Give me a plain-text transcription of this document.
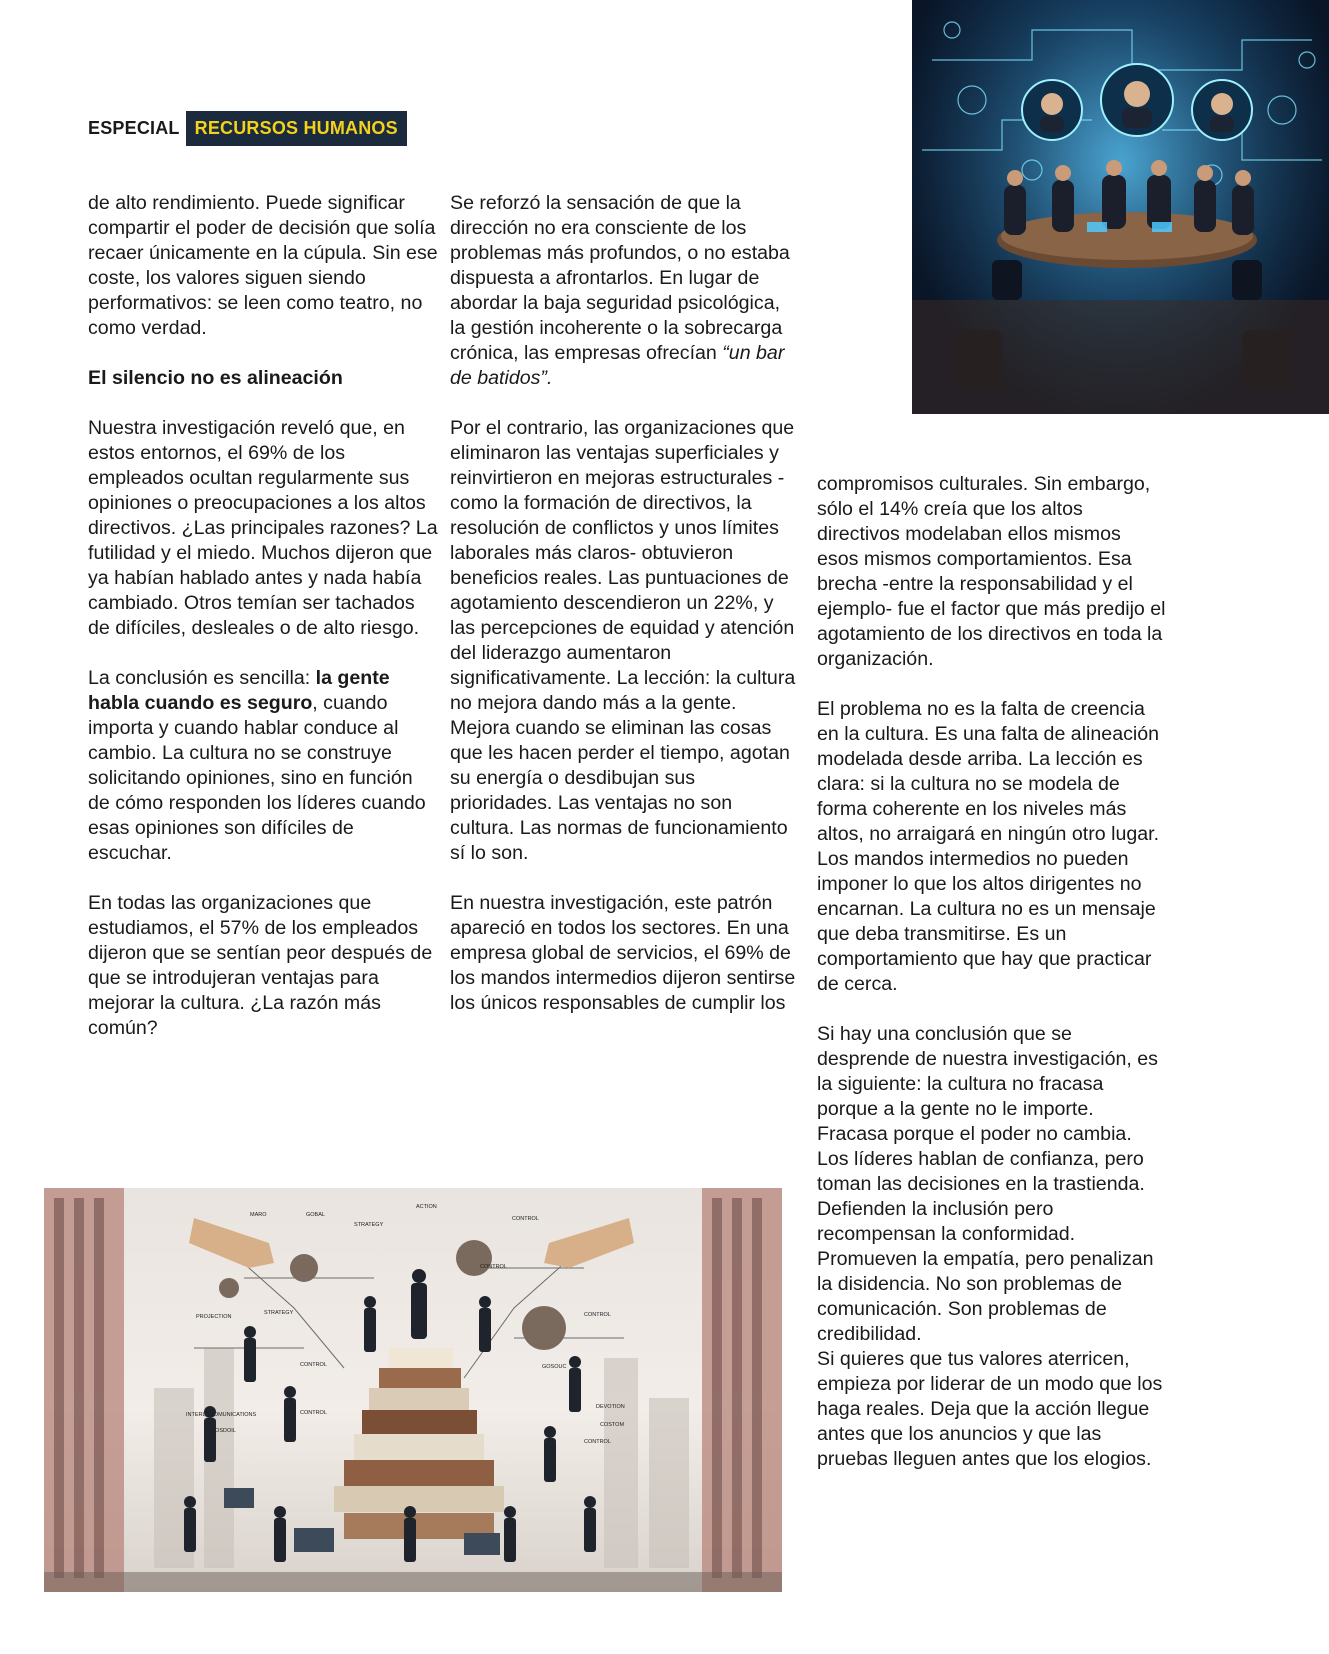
ESPECIAL RECURSOS HUMANOS

de alto rendimiento. Puede significar compartir el poder de decisión que solía recaer únicamente en la cúpula. Sin ese coste, los valores siguen siendo performativos: se leen como teatro, no como verdad.

El silencio no es alineación

Nuestra investigación reveló que, en estos entornos, el 69% de los empleados ocultan regularmente sus opiniones o preocupaciones a los altos directivos. ¿Las principales razones? La futilidad y el miedo. Muchos dijeron que ya habían hablado antes y nada había cambiado. Otros temían ser tachados de difíciles, desleales o de alto riesgo.

La conclusión es sencilla: la gente habla cuando es seguro, cuando importa y cuando hablar conduce al cambio. La cultura no se construye solicitando opiniones, sino en función de cómo responden los líderes cuando esas opiniones son difíciles de escuchar.

En todas las organizaciones que estudiamos, el 57% de los empleados dijeron que se sentían peor después de que se introdujeran ventajas para mejorar la cultura. ¿La razón más común?

Se reforzó la sensación de que la dirección no era consciente de los problemas más profundos, o no estaba dispuesta a afrontarlos. En lugar de abordar la baja seguridad psicológica, la gestión incoherente o la sobrecarga crónica, las empresas ofrecían “un bar de batidos”.

Por el contrario, las organizaciones que eliminaron las ventajas superficiales y reinvirtieron en mejoras estructurales -como la formación de directivos, la resolución de conflictos y unos límites laborales más claros- obtuvieron beneficios reales. Las puntuaciones de agotamiento descendieron un 22%, y las percepciones de equidad y atención del liderazgo aumentaron significativamente. La lección: la cultura no mejora dando más a la gente. Mejora cuando se eliminan las cosas que les hacen perder el tiempo, agotan su energía o desdibujan sus prioridades. Las ventajas no son cultura. Las normas de funcionamiento sí lo son.

En nuestra investigación, este patrón apareció en todos los sectores. En una empresa global de servicios, el 69% de los mandos intermedios dijeron sentirse los únicos responsables de cumplir los

compromisos culturales. Sin embargo, sólo el 14% creía que los altos directivos modelaban ellos mismos esos mismos comportamientos. Esa brecha -entre la responsabilidad y el ejemplo- fue el factor que más predijo el agotamiento de los directivos en toda la organización.

El problema no es la falta de creencia en la cultura. Es una falta de alineación modelada desde arriba. La lección es clara: si la cultura no se modela de forma coherente en los niveles más altos, no arraigará en ningún otro lugar. Los mandos intermedios no pueden imponer lo que los altos dirigentes no encarnan. La cultura no es un mensaje que deba transmitirse. Es un comportamiento que hay que practicar de cerca.

Si hay una conclusión que se desprende de nuestra investigación, es la siguiente: la cultura no fracasa porque a la gente no le importe. Fracasa porque el poder no cambia. Los líderes hablan de confianza, pero toman las decisiones en la trastienda. Defienden la inclusión pero recompensan la conformidad. Promueven la empatía, pero penalizan la disidencia. No son problemas de comunicación. Son problemas de credibilidad.

Si quieres que tus valores aterricen, empieza por liderar de un modo que los haga reales. Deja que la acción llegue antes que los anuncios y que las pruebas lleguen antes que los elogios.

MARO	GOBAL
STRATEGY
ACTION
CONTROL
CONTROL
PROJECTION
STRATEGY	CONTROL
CONTROL	GOSOUC
DEVOTION
COSTOM
CONTROL
INTERLOCOMUNICATIONS
LOSDOIL
CONTROL
